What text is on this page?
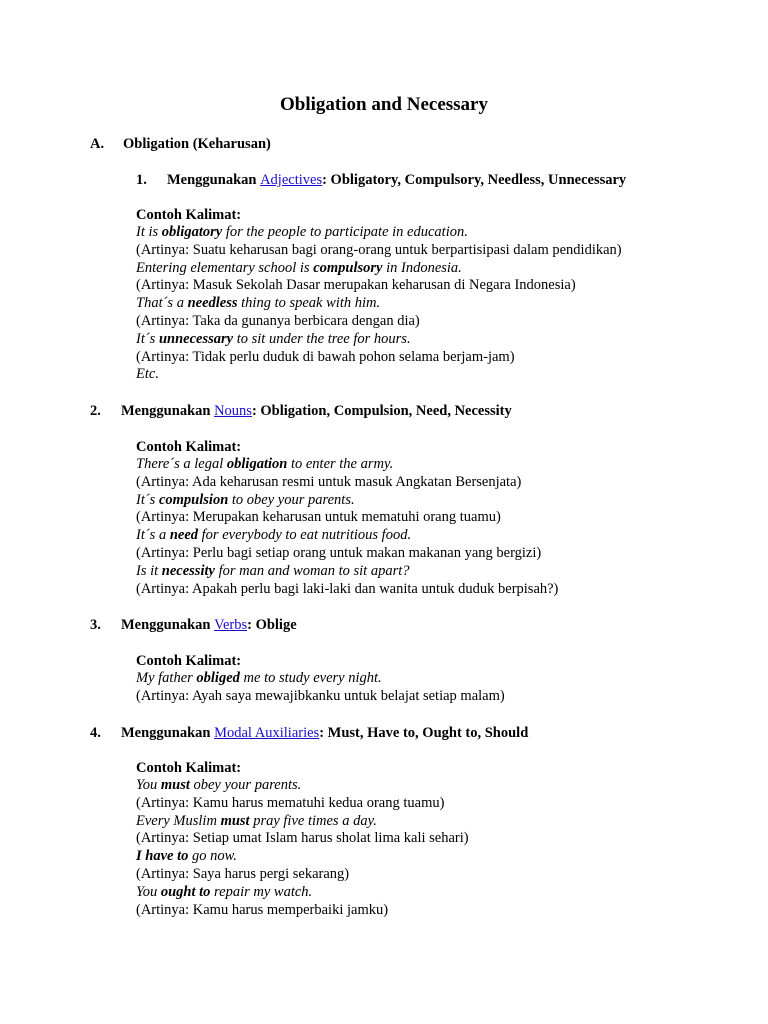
Obligation and Necessary
A. Obligation (Keharusan)
1. Menggunakan Adjectives: Obligatory, Compulsory, Needless, Unnecessary
Contoh Kalimat:
It is obligatory for the people to participate in education.
(Artinya: Suatu keharusan bagi orang-orang untuk berpartisipasi dalam pendidikan)
Entering elementary school is compulsory in Indonesia.
(Artinya: Masuk Sekolah Dasar merupakan keharusan di Negara Indonesia)
That´s a needless thing to speak with him.
(Artinya: Taka da gunanya berbicara dengan dia)
It´s unnecessary to sit under the tree for hours.
(Artinya: Tidak perlu duduk di bawah pohon selama berjam-jam)
Etc.
2. Menggunakan Nouns: Obligation, Compulsion, Need, Necessity
Contoh Kalimat:
There´s a legal obligation to enter the army.
(Artinya: Ada keharusan resmi untuk masuk Angkatan Bersenjata)
It´s compulsion to obey your parents.
(Artinya: Merupakan keharusan untuk mematuhi orang tuamu)
It´s a need for everybody to eat nutritious food.
(Artinya: Perlu bagi setiap orang untuk makan makanan yang bergizi)
Is it necessity for man and woman to sit apart?
(Artinya: Apakah perlu bagi laki-laki dan wanita untuk duduk berpisah?)
3. Menggunakan Verbs: Oblige
Contoh Kalimat:
My father obliged me to study every night.
(Artinya: Ayah saya mewajibkanku untuk belajat setiap malam)
4. Menggunakan Modal Auxiliaries: Must, Have to, Ought to, Should
Contoh Kalimat:
You must obey your parents.
(Artinya: Kamu harus mematuhi kedua orang tuamu)
Every Muslim must pray five times a day.
(Artinya: Setiap umat Islam harus sholat lima kali sehari)
I have to go now.
(Artinya: Saya harus pergi sekarang)
You ought to repair my watch.
(Artinya: Kamu harus memperbaiki jamku)
